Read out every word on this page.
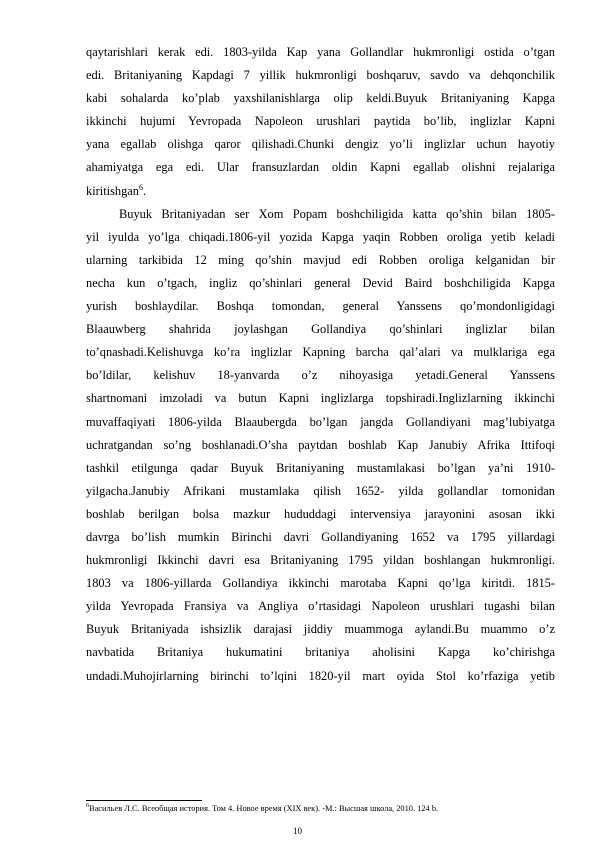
qaytarishlari kerak edi. 1803-yilda Kap yana Gollandlar hukmronligi ostida o’tgan
edi. Britaniyaning Kapdagi 7 yillik hukmronligi boshqaruv, savdo va dehqonchilik
kabi sohalarda ko’plab yaxshilanishlarga olip keldi.Buyuk Britaniyaning Kapga
ikkinchi hujumi Yevropada Napoleon urushlari paytida bo’lib, inglizlar Kapni
yana egallab olishga qaror qilishadi.Chunki dengiz yo’li inglizlar uchun hayotiy
ahamiyatga ega edi. Ular fransuzlardan oldin Kapni egallab olishni rejalariga
kiritishgan$^6$.
Buyuk Britaniyadan ser Xom Popam boshchiligida katta qo’shin bilan 1805-
yil iyulda yo’lga chiqadi.1806-yil yozida Kapga yaqin Robben oroliga yetib keladi
ularning tarkibida 12 ming qo’shin mavjud edi Robben oroliga kelganidan bir
necha kun o’tgach, ingliz qo’shinlari general Devid Baird boshchiligida Kapga
yurish boshlaydilar. Boshqa tomondan, general Yanssens qo’mondonligidagi
Blaauwberg shahrida joylashgan Gollandiya qo’shinlari inglizlar bilan
to’qnashadi.Kelishuvga ko’ra inglizlar Kapning barcha qal’alari va mulklariga ega
bo’ldilar, kelishuv 18-yanvarda o’z nihoyasiga yetadi.General Yanssens
shartnomani imzoladi va butun Kapni inglizlarga topshiradi.Inglizlarning ikkinchi
muvaffaqiyati 1806-yilda Blaaubergda bo’lgan jangda Gollandiyani mag’lubiyatga
uchratgandan so’ng boshlanadi.O’sha paytdan boshlab Kap Janubiy Afrika Ittifoqi
tashkil etilgunga qadar Buyuk Britaniyaning mustamlakasi bo’lgan ya’ni 1910-
yilgacha.Janubiy Afrikani mustamlaka qilish 1652- yilda gollandlar tomonidan
boshlab berilgan bolsa mazkur hududdagi intervensiya jarayonini asosan ikki
davrga bo’lish mumkin Birinchi davri Gollandiyaning 1652 va 1795 yillardagi
hukmronligi Ikkinchi davri esa Britaniyaning 1795 yildan boshlangan hukmronligi.
1803 va 1806-yillarda Gollandiya ikkinchi marotaba Kapni qo’lga kiritdi. 1815-
yilda Yevropada Fransiya va Angliya o’rtasidagi Napoleon urushlari tugashi bilan
Buyuk Britaniyada ishsizlik darajasi jiddiy muammoga aylandi.Bu muammo o’z
navbatida Britaniya hukumatini britaniya aholisini Kapga ko’chirishga
undadi.Muhojirlarning birinchi to’lqini 1820-yil mart oyida Stol ko’rfaziga yetib
$^6$Васильев Л.С. Всеобщая история. Том 4. Новое время (XIX век). -М.: Высшая школа, 2010. 124 b.
10
